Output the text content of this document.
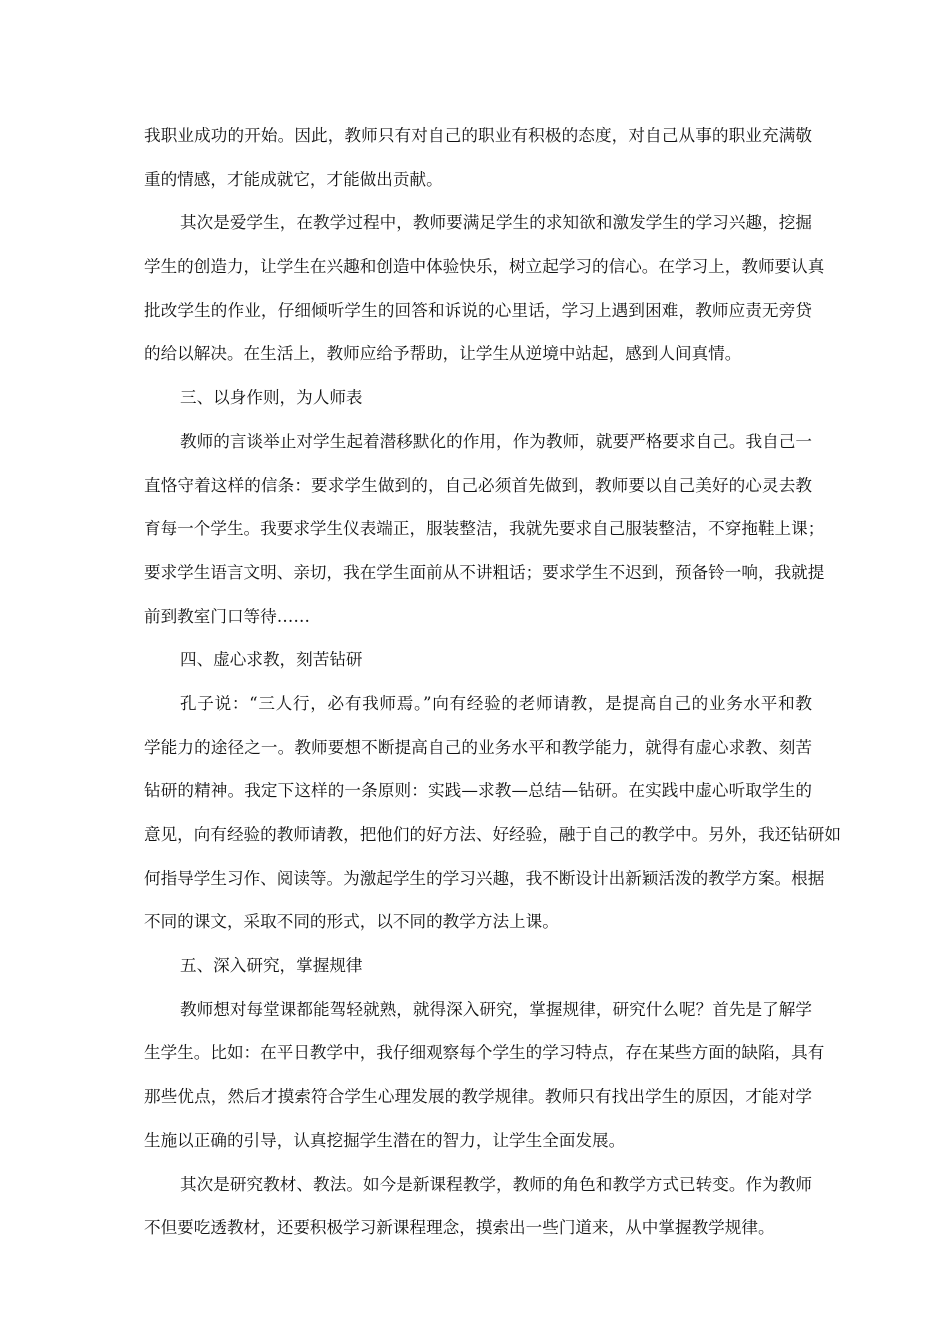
我职业成功的开始。因此，教师只有对自己的职业有积极的态度，对自己从事的职业充满敬
重的情感，才能成就它，才能做出贡献。
其次是爱学生，在教学过程中，教师要满足学生的求知欲和激发学生的学习兴趣，挖掘
学生的创造力，让学生在兴趣和创造中体验快乐，树立起学习的信心。在学习上，教师要认真
批改学生的作业，仔细倾听学生的回答和诉说的心里话，学习上遇到困难，教师应责无旁贷
的给以解决。在生活上，教师应给予帮助，让学生从逆境中站起，感到人间真情。
三、以身作则，为人师表
教师的言谈举止对学生起着潜移默化的作用，作为教师，就要严格要求自己。我自己一
直恪守着这样的信条：要求学生做到的，自己必须首先做到，教师要以自己美好的心灵去教
育每一个学生。我要求学生仪表端正，服装整洁，我就先要求自己服装整洁，不穿拖鞋上课；
要求学生语言文明、亲切，我在学生面前从不讲粗话；要求学生不迟到，预备铃一响，我就提
前到教室门口等待……
四、虚心求教，刻苦钻研
孔子说：“三人行，必有我师焉。”向有经验的老师请教，是提高自己的业务水平和教
学能力的途径之一。教师要想不断提高自己的业务水平和教学能力，就得有虚心求教、刻苦
钻研的精神。我定下这样的一条原则：实践—求教—总结—钻研。在实践中虚心听取学生的
意见，向有经验的教师请教，把他们的好方法、好经验，融于自己的教学中。另外，我还钻研如
何指导学生习作、阅读等。为激起学生的学习兴趣，我不断设计出新颖活泼的教学方案。根据
不同的课文，采取不同的形式，以不同的教学方法上课。
五、深入研究，掌握规律
教师想对每堂课都能驾轻就熟，就得深入研究，掌握规律，研究什么呢？首先是了解学
生学生。比如：在平日教学中，我仔细观察每个学生的学习特点，存在某些方面的缺陷，具有
那些优点，然后才摸索符合学生心理发展的教学规律。教师只有找出学生的原因，才能对学
生施以正确的引导，认真挖掘学生潜在的智力，让学生全面发展。
其次是研究教材、教法。如今是新课程教学，教师的角色和教学方式已转变。作为教师
不但要吃透教材，还要积极学习新课程理念，摸索出一些门道来，从中掌握教学规律。
